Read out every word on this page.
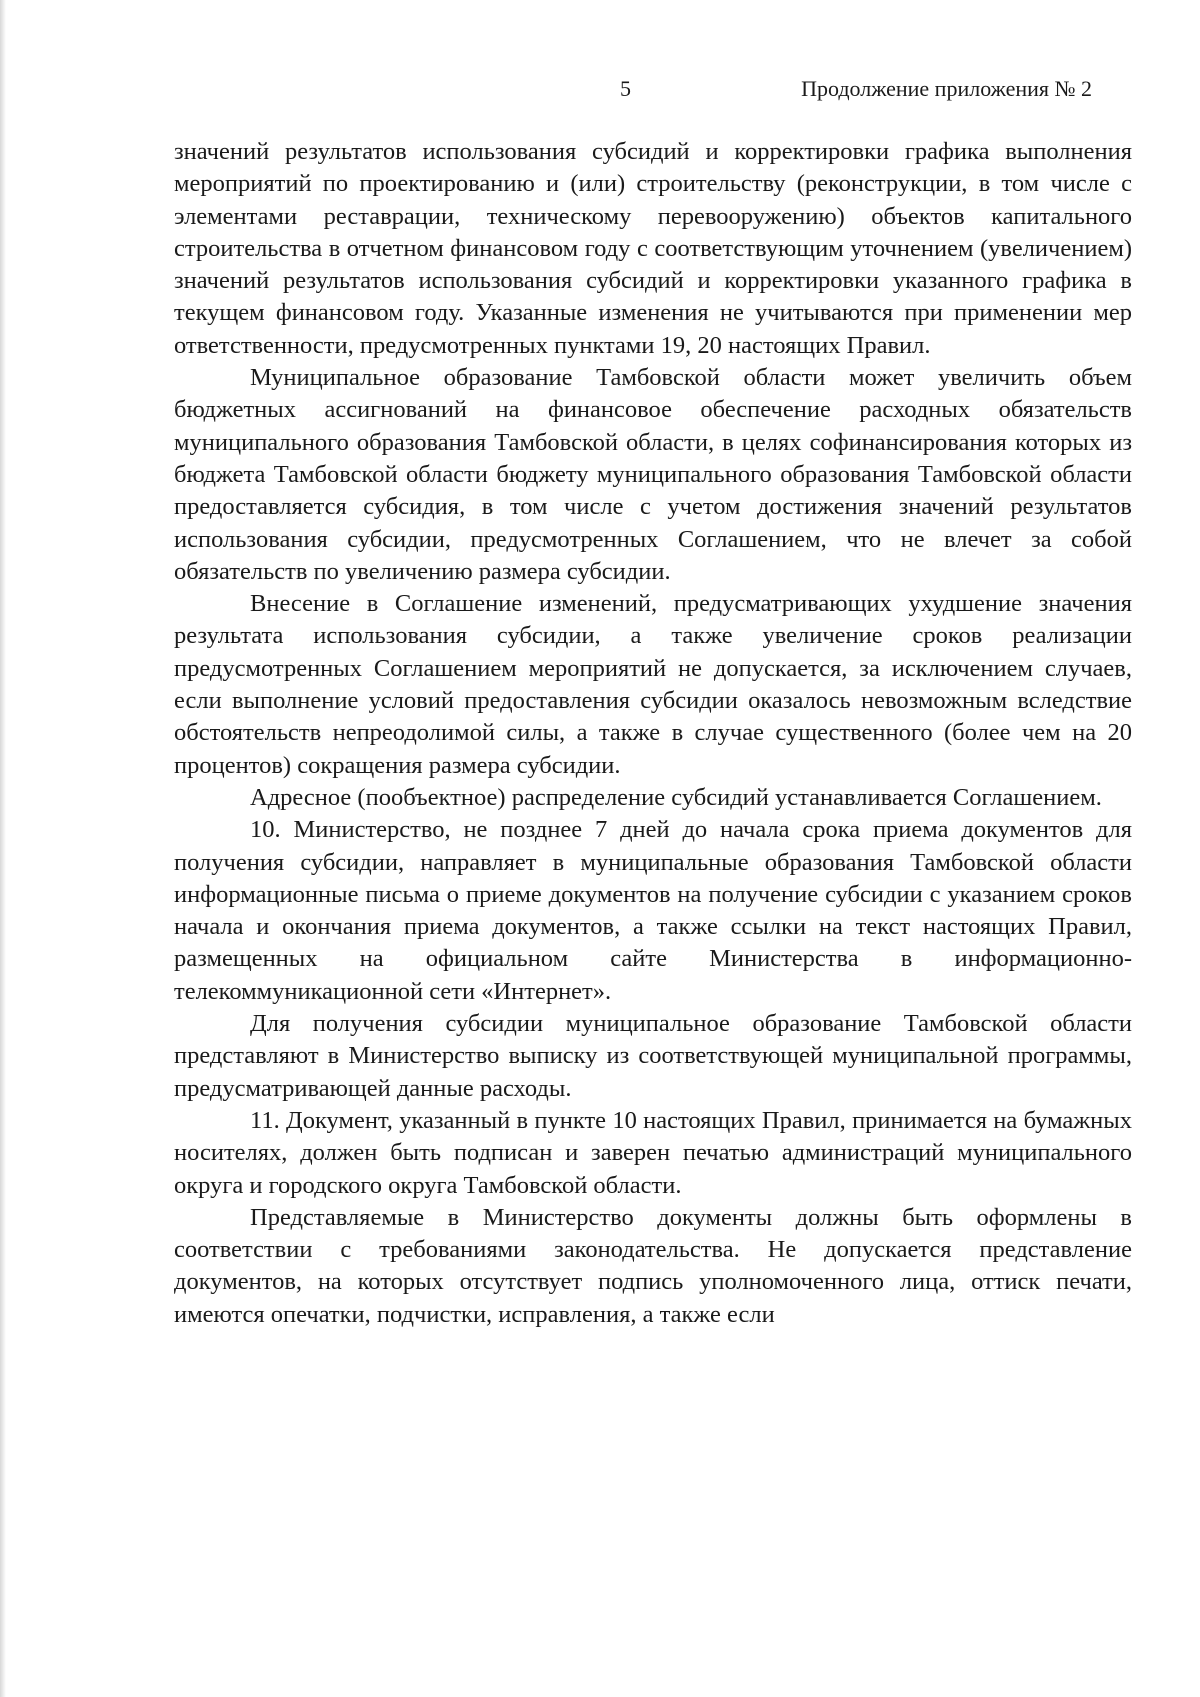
5	Продолжение приложения № 2

значений результатов использования субсидий и корректировки графика выполнения мероприятий по проектированию и (или) строительству (реконструкции, в том числе с элементами реставрации, техническому перевооружению) объектов капитального строительства в отчетном финансовом году с соответствующим уточнением (увеличением) значений результатов использования субсидий и корректировки указанного графика в текущем финансовом году. Указанные изменения не учитываются при применении мер ответственности, предусмотренных пунктами 19, 20 настоящих Правил.

Муниципальное образование Тамбовской области может увеличить объем бюджетных ассигнований на финансовое обеспечение расходных обязательств муниципального образования Тамбовской области, в целях софинансирования которых из бюджета Тамбовской области бюджету муниципального образования Тамбовской области предоставляется субсидия, в том числе с учетом достижения значений результатов использования субсидии, предусмотренных Соглашением, что не влечет за собой обязательств по увеличению размера субсидии.

Внесение в Соглашение изменений, предусматривающих ухудшение значения результата использования субсидии, а также увеличение сроков реализации предусмотренных Соглашением мероприятий не допускается, за исключением случаев, если выполнение условий предоставления субсидии оказалось невозможным вследствие обстоятельств непреодолимой силы, а также в случае существенного (более чем на 20 процентов) сокращения размера субсидии.

Адресное (пообъектное) распределение субсидий устанавливается Соглашением.

10. Министерство, не позднее 7 дней до начала срока приема документов для получения субсидии, направляет в муниципальные образования Тамбовской области информационные письма о приеме документов на получение субсидии с указанием сроков начала и окончания приема документов, а также ссылки на текст настоящих Правил, размещенных на официальном сайте Министерства в информационно-телекоммуникационной сети «Интернет».

Для получения субсидии муниципальное образование Тамбовской области представляют в Министерство выписку из соответствующей муниципальной программы, предусматривающей данные расходы.

11. Документ, указанный в пункте 10 настоящих Правил, принимается на бумажных носителях, должен быть подписан и заверен печатью администраций муниципального округа и городского округа Тамбовской области.

Представляемые в Министерство документы должны быть оформлены в соответствии с требованиями законодательства. Не допускается представление документов, на которых отсутствует подпись уполномоченного лица, оттиск печати, имеются опечатки, подчистки, исправления, а также если
